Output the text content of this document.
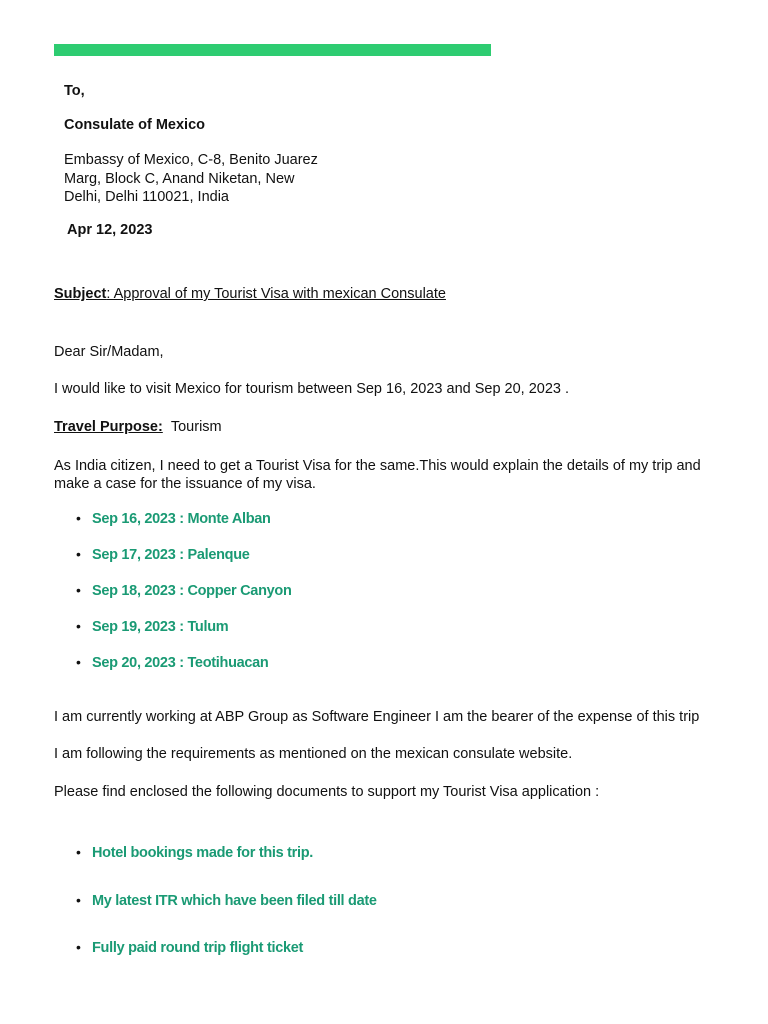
To,
Consulate of Mexico
Embassy of Mexico, C-8, Benito Juarez
Marg, Block C, Anand Niketan, New
Delhi, Delhi 110021, India
Apr 12, 2023
Subject: Approval of my Tourist Visa with mexican Consulate
Dear Sir/Madam,
I would like to visit Mexico for tourism between Sep 16, 2023 and Sep 20, 2023 .
Travel Purpose: Tourism
As India citizen, I need to get a Tourist Visa for the same.This would explain the details of my trip and make a case for the issuance of my visa.
• Sep 16, 2023 : Monte Alban
• Sep 17, 2023 : Palenque
• Sep 18, 2023 : Copper Canyon
• Sep 19, 2023 : Tulum
• Sep 20, 2023 : Teotihuacan
I am currently working at ABP Group as Software Engineer I am the bearer of the expense of this trip
I am following the requirements as mentioned on the mexican consulate website.
Please find enclosed the following documents to support my Tourist Visa application :
• Hotel bookings made for this trip.
• My latest ITR which have been filed till date
• Fully paid round trip flight ticket
